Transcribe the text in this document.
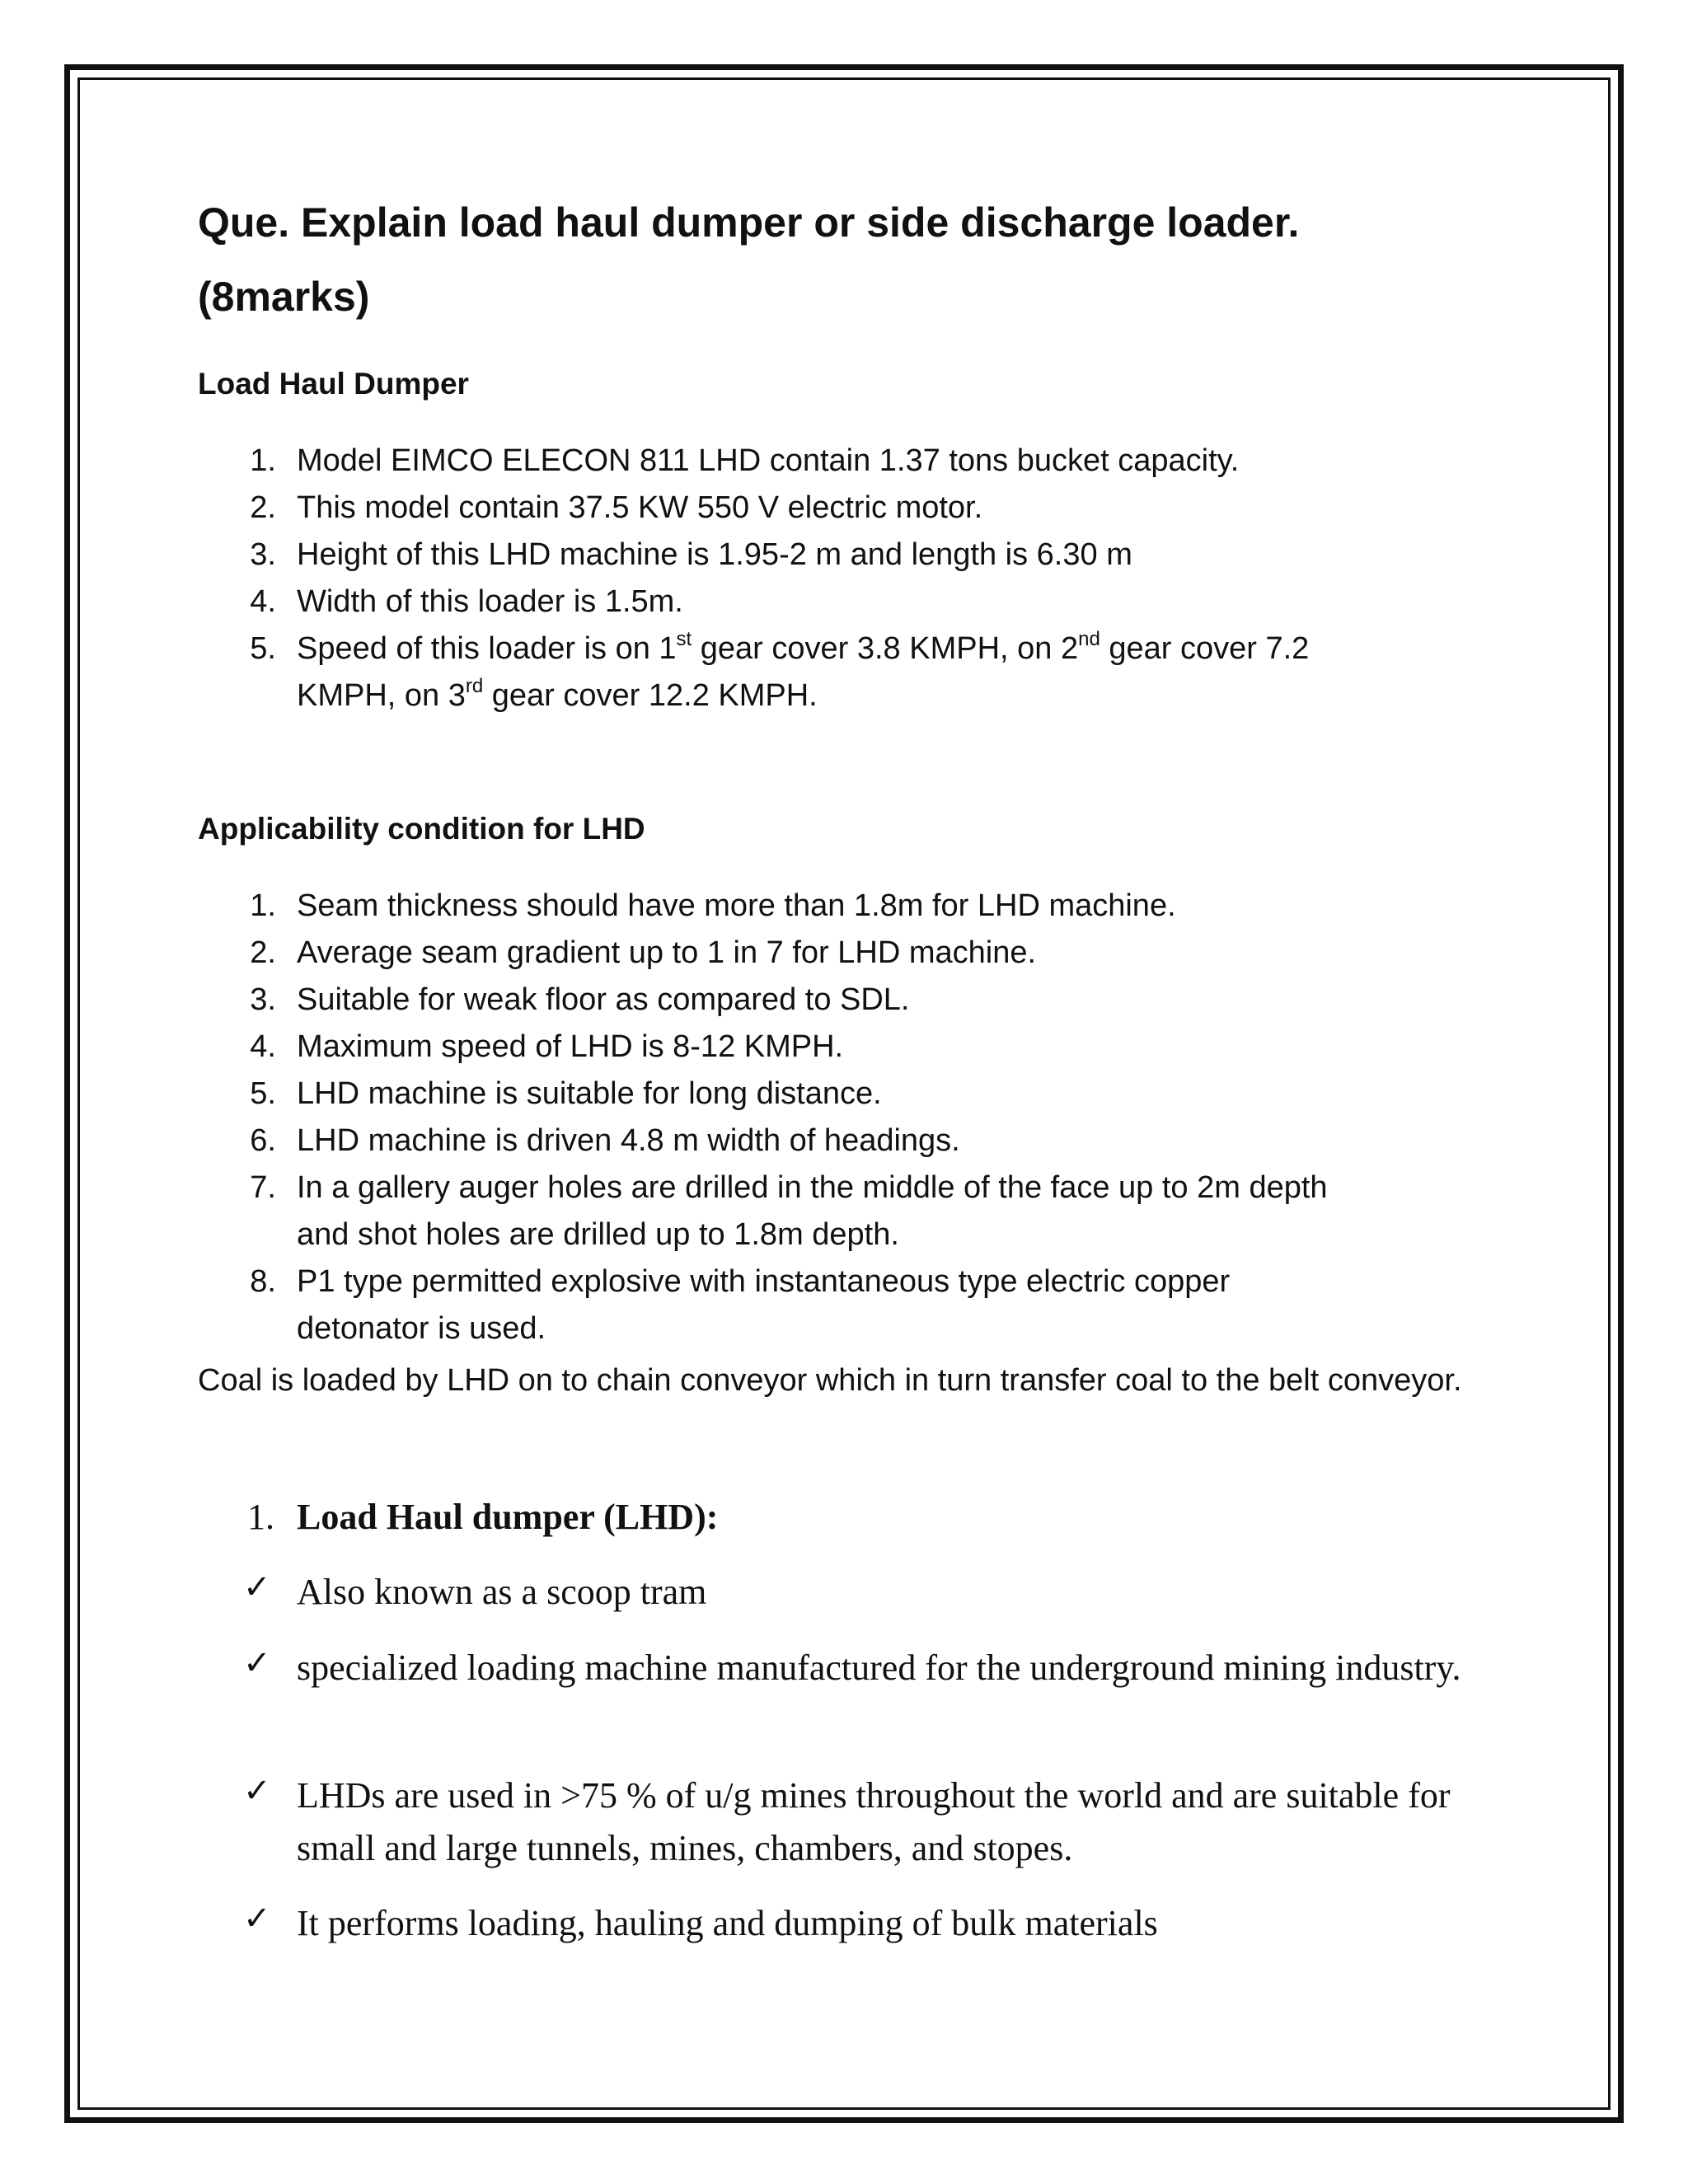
Que. Explain load haul dumper or side discharge loader.
(8marks)
Load Haul Dumper
1. Model EIMCO ELECON 811 LHD contain 1.37 tons bucket capacity.
2. This model contain 37.5 KW 550 V electric motor.
3. Height of this LHD machine is 1.95-2 m and length is 6.30 m
4. Width of this loader is 1.5m.
5. Speed of this loader is on 1st gear cover 3.8 KMPH, on 2nd gear cover 7.2
KMPH, on 3rd gear cover 12.2 KMPH.
Applicability condition for LHD
1. Seam thickness should have more than 1.8m for LHD machine.
2. Average seam gradient up to 1 in 7 for LHD machine.
3. Suitable for weak floor as compared to SDL.
4. Maximum speed of LHD is 8-12 KMPH.
5. LHD machine is suitable for long distance.
6. LHD machine is driven 4.8 m width of headings.
7. In a gallery auger holes are drilled in the middle of the face up to 2m depth
and shot holes are drilled up to 1.8m depth.
8. P1 type permitted explosive with instantaneous type electric copper
detonator is used.
Coal is loaded by LHD on to chain conveyor which in turn transfer coal to the belt conveyor.
1. Load Haul dumper (LHD):
✓ Also known as a scoop tram
✓ specialized loading machine manufactured for the underground mining industry.
✓ LHDs are used in >75 % of u/g mines throughout the world and are suitable for small and large tunnels, mines, chambers, and stopes.
✓ It performs loading, hauling and dumping of bulk materials
